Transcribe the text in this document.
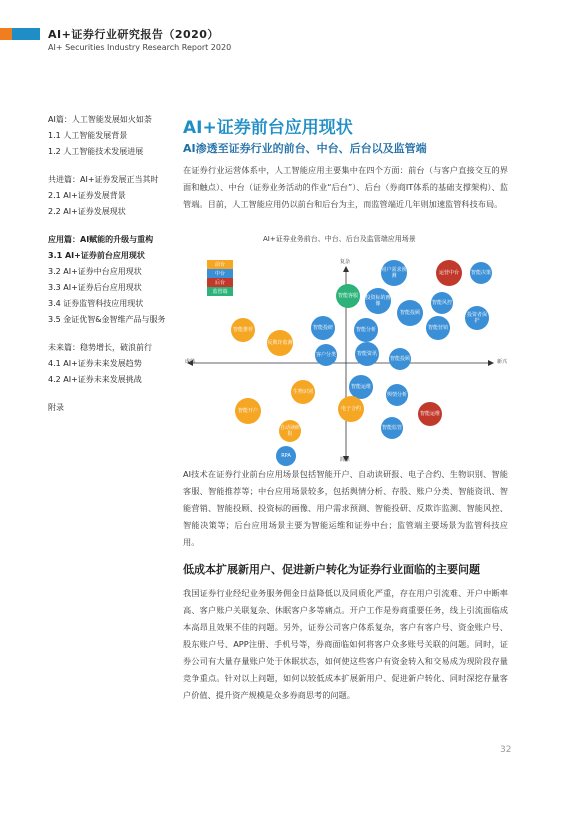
AI+证券行业研究报告（2020）
AI+ Securities Industry Research Report 2020
AI篇：人工智能发展如火如荼
1.1 人工智能发展背景
1.2 人工智能技术发展进展
共进篇：AI+证券发展正当其时
2.1 AI+证券发展背景
2.2 AI+证券发展现状
应用篇：AI赋能的升级与重构
3.1 AI+证券前台应用现状
3.2 AI+证券中台应用现状
3.3 AI+证券后台应用现状
3.4 证券监管科技应用现状
3.5 金证优智&金智维产品与服务
未来篇：稳势增长，破浪前行
4.1 AI+证券未来发展趋势
4.2 AI+证券未来发展挑战
附录
AI+证券前台应用现状
AI渗透至证券行业的前台、中台、后台以及监管端
在证券行业运营体系中，人工智能应用主要集中在四个方面：前台（与客户直接交互的界面和触点）、中台（证券业务活动的作业“后台”）、后台（券商IT体系的基础支撑架构）、监管端。目前，人工智能应用仍以前台和后台为主，而监管端近几年则加速监管科技布局。
AI+证券业务前台、中台、后台及监管端应用场景
复杂
简单
成熟	新兴
前台
中台
后台
监管端
用户需求预测	运营中台	智能决策
智能客服	投资标的画像
智能投顾
智能风控
投资者保护
智能营销
智能分析
智能推荐
反欺诈监测
智能投研
智能资讯
智能投顾
客户分类
智能运维
舆情分析
生物识别
智能运维
电子合约
智能开户
自动读研报
智能监管
RPA
AI技术在证券行业前台应用场景包括智能开户、自动读研报、电子合约、生物识别、智能客服、智能推荐等；中台应用场景较多，包括舆情分析、存股、账户分类、智能资讯、智能营销、智能投顾、投资标的画像、用户需求预测、智能投研、反欺诈监测、智能风控、智能决策等；后台应用场景主要为智能运维和证券中台；监管端主要场景为监管科技应用。
低成本扩展新用户、促进新户转化为证券行业面临的主要问题
我国证券行业经纪业务服务佣金日益降低以及同质化严重，存在用户引流难、开户中断率高、客户账户关联复杂、休眠客户多等痛点。开户工作是券商重要任务，线上引流面临成本高昂且效果不佳的问题。另外，证券公司客户体系复杂，客户有客户号、资金账户号、股东账户号、APP注册、手机号等，券商面临如何将客户众多账号关联的问题。同时，证券公司有大量存量账户处于休眠状态，如何使这些客户有资金转入和交易成为现阶段存量竞争重点。针对以上问题，如何以较低成本扩展新用户、促进新户转化、同时深挖存量客户价值、提升资产规模是众多券商思考的问题。
32
